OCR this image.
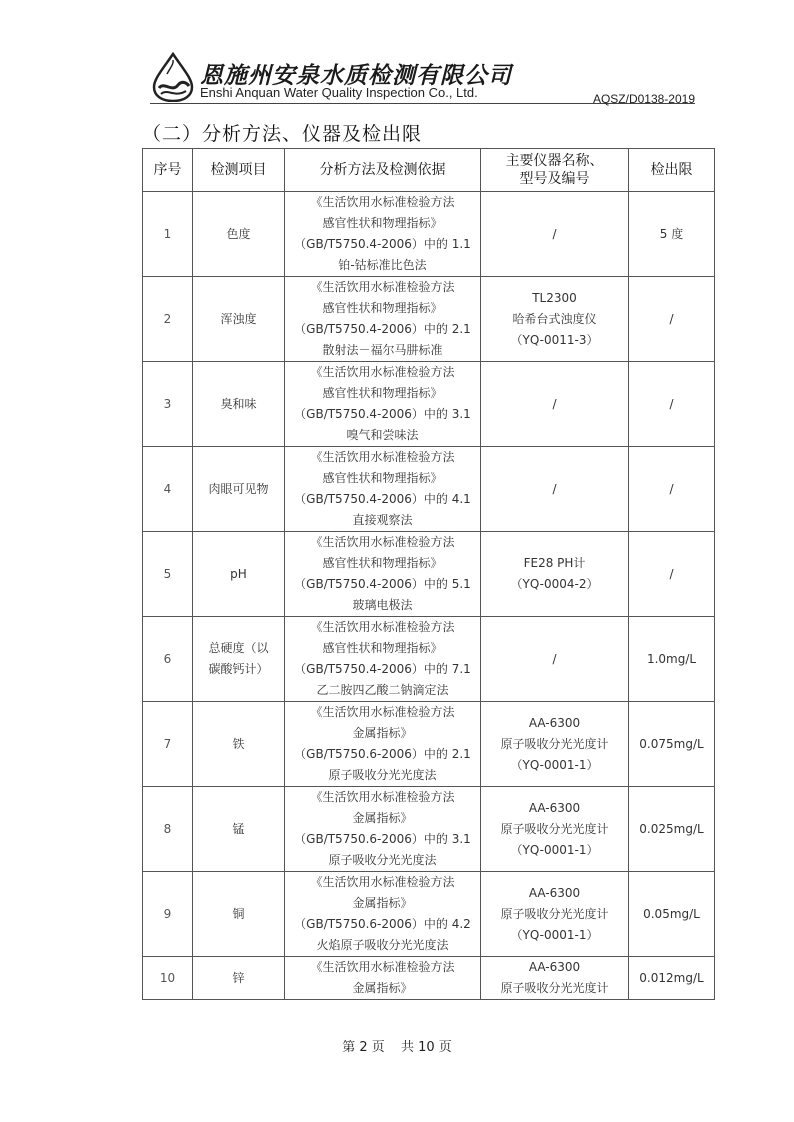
恩施州安泉水质检测有限公司
Enshi Anquan Water Quality Inspection Co., Ltd.	AQSZ/D0138-2019
（二）分析方法、仪器及检出限
序号	检测项目	分析方法及检测依据	主要仪器名称、
型号及编号	检出限
1	色度	《生活饮用水标准检验方法
感官性状和物理指标》
（GB/T5750.4-2006）中的 1.1
铂-钴标准比色法	/	5 度
2	浑浊度	《生活饮用水标准检验方法
感官性状和物理指标》
（GB/T5750.4-2006）中的 2.1
散射法－福尔马肼标准	TL2300
哈希台式浊度仪
（YQ-0011-3）	/
3	臭和味	《生活饮用水标准检验方法
感官性状和物理指标》
（GB/T5750.4-2006）中的 3.1
嗅气和尝味法	/	/
4	肉眼可见物	《生活饮用水标准检验方法
感官性状和物理指标》
（GB/T5750.4-2006）中的 4.1
直接观察法	/	/
5	pH	《生活饮用水标准检验方法
感官性状和物理指标》
（GB/T5750.4-2006）中的 5.1
玻璃电极法	FE28 PH计
（YQ-0004-2）	/
6	总硬度（以
碳酸钙计）	《生活饮用水标准检验方法
感官性状和物理指标》
（GB/T5750.4-2006）中的 7.1
乙二胺四乙酸二钠滴定法	/	1.0mg/L
7	铁	《生活饮用水标准检验方法
金属指标》
（GB/T5750.6-2006）中的 2.1
原子吸收分光光度法	AA-6300
原子吸收分光光度计
（YQ-0001-1）	0.075mg/L
8	锰	《生活饮用水标准检验方法
金属指标》
（GB/T5750.6-2006）中的 3.1
原子吸收分光光度法	AA-6300
原子吸收分光光度计
（YQ-0001-1）	0.025mg/L
9	铜	《生活饮用水标准检验方法
金属指标》
（GB/T5750.6-2006）中的 4.2
火焰原子吸收分光光度法	AA-6300
原子吸收分光光度计
（YQ-0001-1）	0.05mg/L
10	锌	《生活饮用水标准检验方法
金属指标》	AA-6300
原子吸收分光光度计	0.012mg/L
第 2 页 共 10 页
